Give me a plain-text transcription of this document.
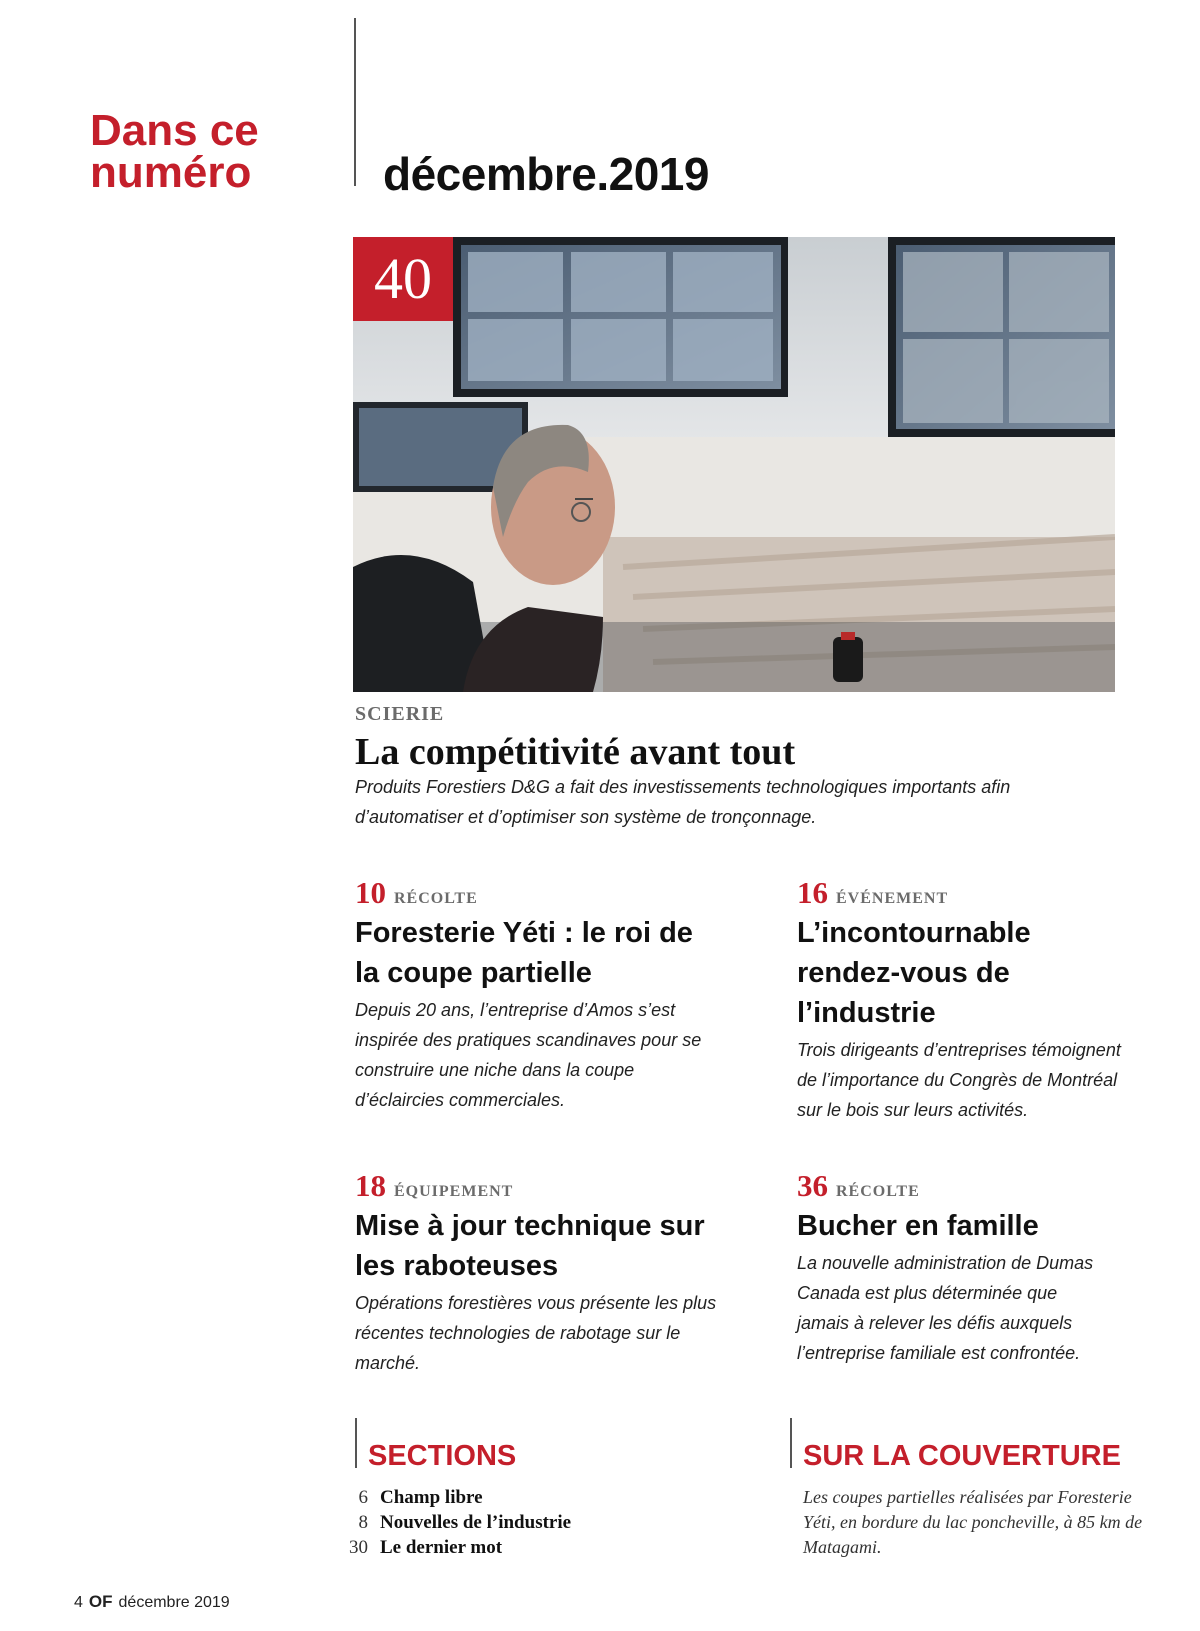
Dans ce
numéro	décembre.2019
40
SCIERIE
La compétitivité avant tout
Produits Forestiers D&G a fait des investissements technologiques importants afin d’automatiser et d’optimiser son système de tronçonnage.
10 RÉCOLTE
Foresterie Yéti : le roi de la coupe partielle
Depuis 20 ans, l’entreprise d’Amos s’est inspirée des pratiques scandinaves pour se construire une niche dans la coupe d’éclaircies commerciales.
16 ÉVÉNEMENT
L’incontournable rendez-vous de l’industrie
Trois dirigeants d’entreprises témoignent de l’importance du Congrès de Montréal sur le bois sur leurs activités.
18 ÉQUIPEMENT
Mise à jour technique sur les raboteuses
Opérations forestières vous présente les plus récentes technologies de rabotage sur le marché.
36 RÉCOLTE
Bucher en famille
La nouvelle administration de Dumas Canada est plus déterminée que jamais à relever les défis auxquels l’entreprise familiale est confrontée.
SECTIONS
6 Champ libre
8 Nouvelles de l’industrie
30 Le dernier mot
SUR LA COUVERTURE
Les coupes partielles réalisées par Foresterie Yéti, en bordure du lac poncheville, à 85 km de Matagami.
4 OF décembre 2019
